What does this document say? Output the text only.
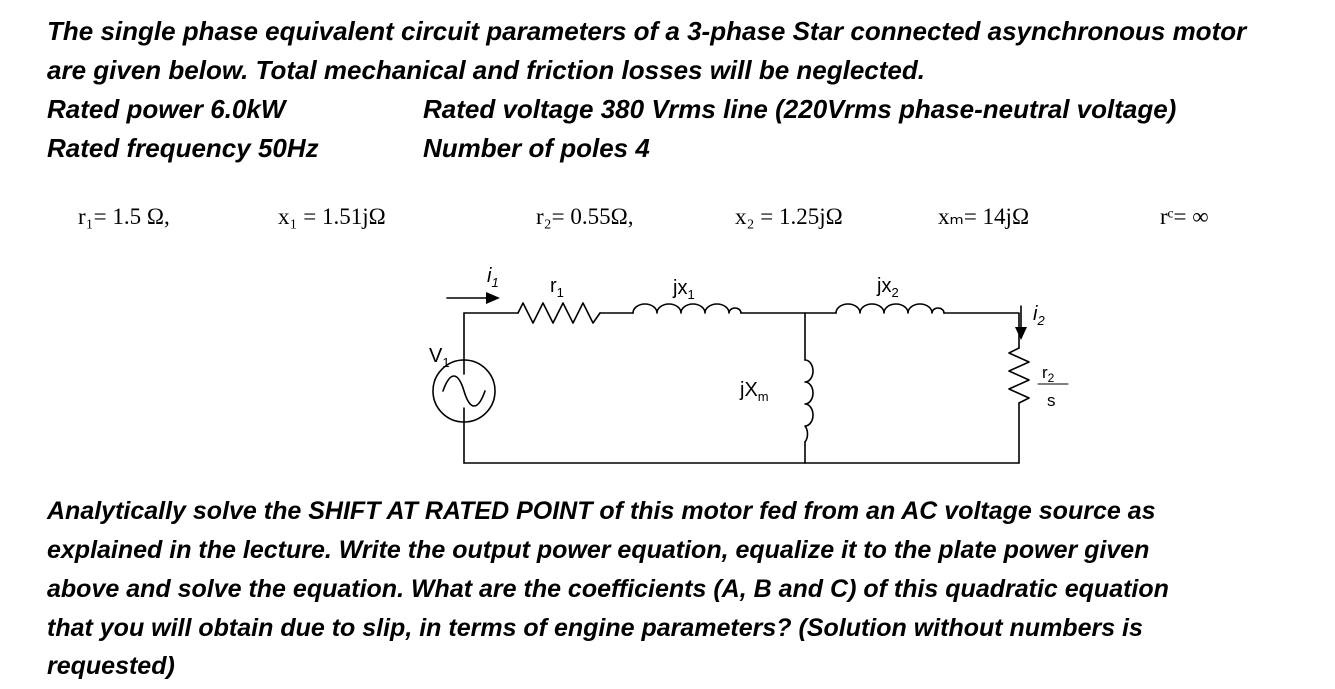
The single phase equivalent circuit parameters of a 3-phase Star connected asynchronous motor
are given below. Total mechanical and friction losses will be neglected.
Rated power 6.0kW	Rated voltage 380 Vrms line (220Vrms phase-neutral voltage)
Rated frequency 50Hz	Number of poles 4
r₁= 1.5 Ω,	x₁ = 1.51jΩ	r₂= 0.55Ω,	x₂ = 1.25jΩ	xₘ= 14jΩ	rᶜ= ∞
$i_1$	$r_1$	$jx_1$	$jx_2$
$V_1$
$jX_m$
$i_2$
$r_2$
s
Analytically solve the SHIFT AT RATED POINT of this motor fed from an AC voltage source as
explained in the lecture. Write the output power equation, equalize it to the plate power given
above and solve the equation. What are the coefficients (A, B and C) of this quadratic equation
that you will obtain due to slip, in terms of engine parameters? (Solution without numbers is
requested)
